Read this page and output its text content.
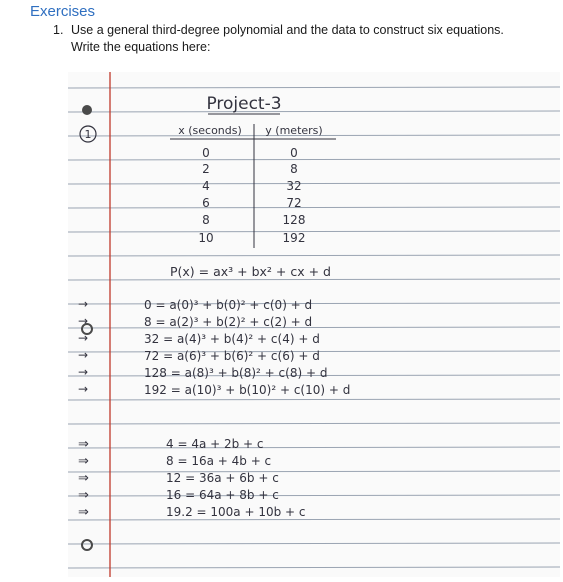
Exercises
1. Use a general third-degree polynomial and the data to construct six equations. Write the equations here:
1
Project-3
x (seconds) y (meters)
0	0
2	8
4	32
6	72
8	128
10	192
P(x) = ax³ + bx² + cx + d
→
→
→
→
→
→
0 = a(0)³ + b(0)² + c(0) + d
8 = a(2)³ + b(2)² + c(2) + d
32 = a(4)³ + b(4)² + c(4) + d
72 = a(6)³ + b(6)² + c(6) + d
128 = a(8)³ + b(8)² + c(8) + d
192 = a(10)³ + b(10)² + c(10) + d
⇒
⇒
⇒
⇒
⇒
4 = 4a + 2b + c
8 = 16a + 4b + c
12 = 36a + 6b + c
16 = 64a + 8b + c
19.2 = 100a + 10b + c
